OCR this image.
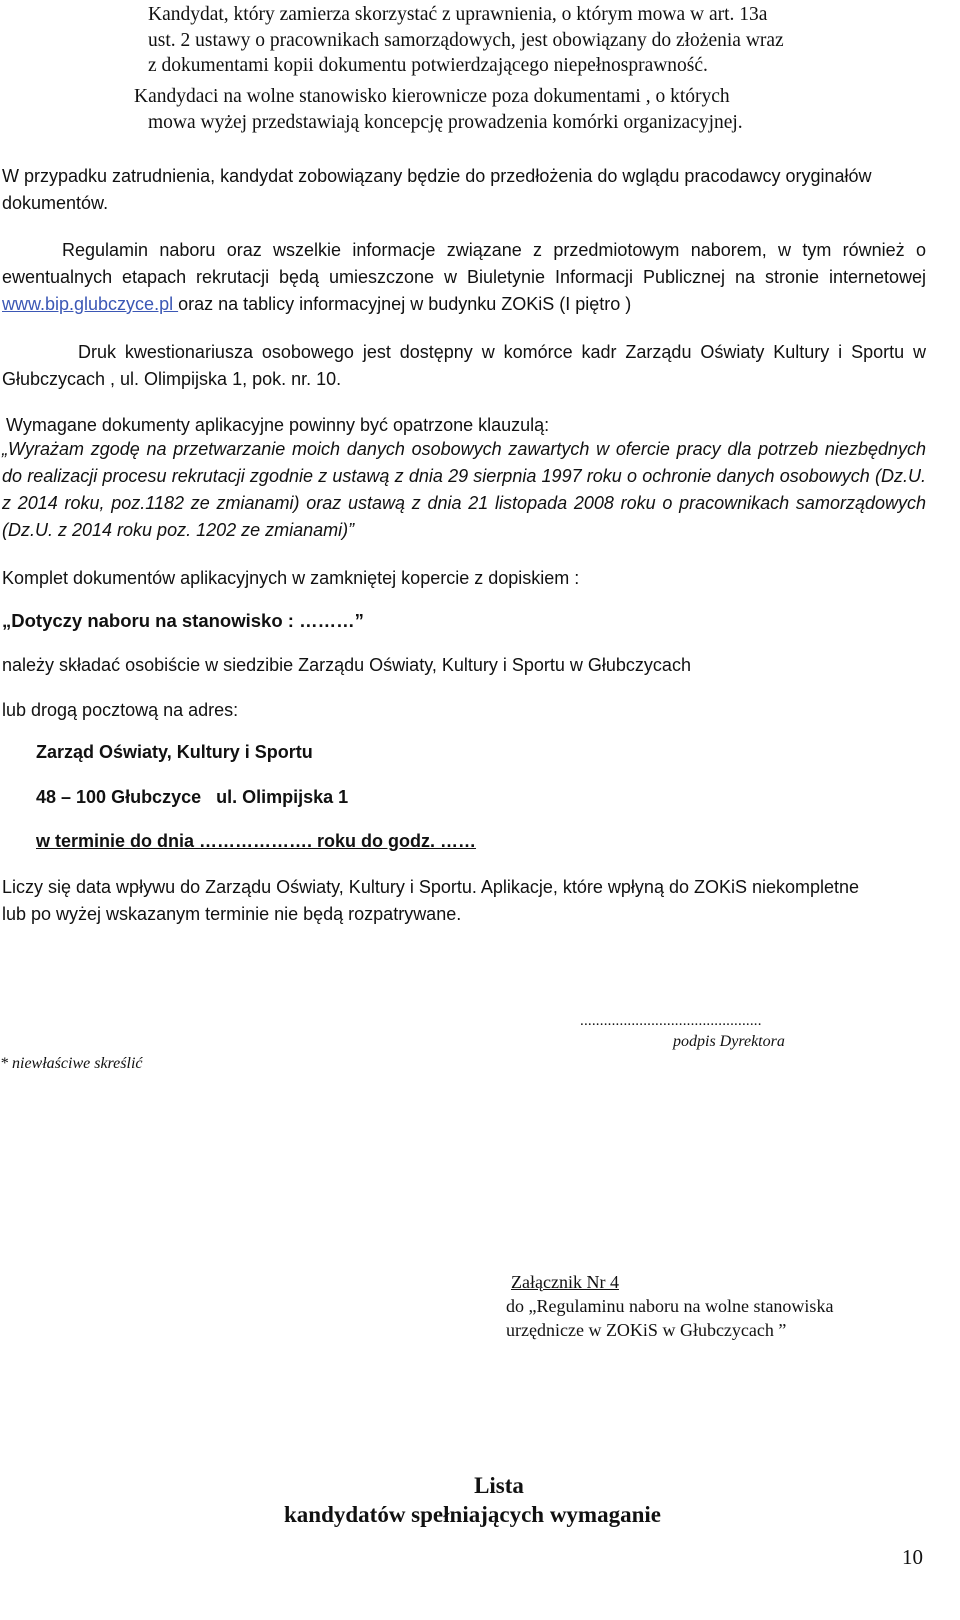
Kandydat, który zamierza skorzystać z uprawnienia, o którym mowa w art. 13a
ust. 2 ustawy o pracownikach samorządowych, jest obowiązany do złożenia wraz
z dokumentami kopii dokumentu potwierdzającego niepełnosprawność.
Kandydaci na wolne stanowisko kierownicze poza dokumentami , o których
mowa wyżej przedstawiają koncepcję prowadzenia komórki organizacyjnej.
W przypadku zatrudnienia, kandydat zobowiązany będzie do przedłożenia do wglądu pracodawcy oryginałów dokumentów.
Regulamin naboru oraz wszelkie informacje związane z przedmiotowym naborem, w tym również o ewentualnych etapach rekrutacji będą umieszczone w Biuletynie Informacji Publicznej na stronie internetowej www.bip.glubczyce.pl oraz na tablicy informacyjnej w budynku ZOKiS (I piętro )
Druk kwestionariusza osobowego jest dostępny w komórce kadr Zarządu Oświaty Kultury i Sportu w Głubczycach , ul. Olimpijska 1, pok. nr. 10.
Wymagane dokumenty aplikacyjne powinny być opatrzone klauzulą:
„Wyrażam zgodę na przetwarzanie moich danych osobowych zawartych w ofercie pracy dla potrzeb niezbędnych do realizacji procesu rekrutacji zgodnie z ustawą z dnia 29 sierpnia 1997 roku o ochronie danych osobowych (Dz.U. z 2014 roku, poz.1182 ze zmianami) oraz ustawą z dnia 21 listopada 2008 roku o pracownikach samorządowych (Dz.U. z 2014 roku poz. 1202 ze zmianami)”
Komplet dokumentów aplikacyjnych w zamkniętej kopercie z dopiskiem :
„Dotyczy naboru na stanowisko : ………”
należy składać osobiście w siedzibie Zarządu Oświaty, Kultury i Sportu w Głubczycach
lub drogą pocztową na adres:
Zarząd Oświaty, Kultury i Sportu
48 – 100 Głubczyce   ul. Olimpijska 1
w terminie do dnia ………………. roku do godz. ……
Liczy się data wpływu do Zarządu Oświaty, Kultury i Sportu. Aplikacje, które wpłyną do ZOKiS niekompletne lub po wyżej wskazanym terminie nie będą rozpatrywane.
..............................................
podpis Dyrektora
* niewłaściwe skreślić
Załącznik Nr 4
do „Regulaminu naboru na wolne stanowiska
urzędnicze w ZOKiS w Głubczycach ”
Lista
kandydatów spełniających wymaganie
10
